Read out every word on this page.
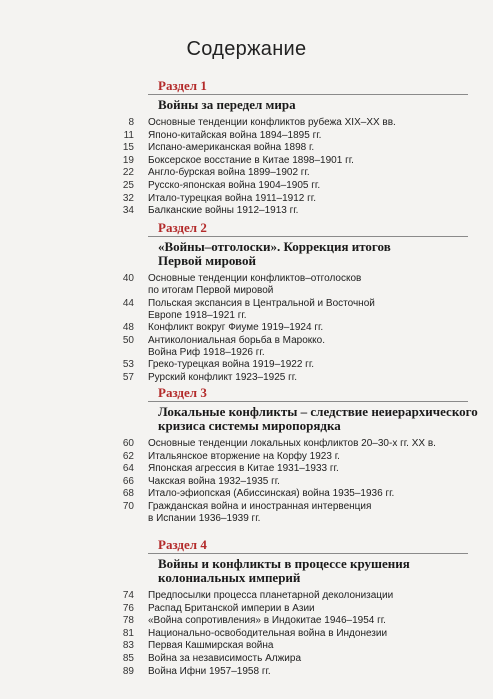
Содержание
Раздел 1
Войны за передел мира
8 Основные тенденции конфликтов рубежа XIX–XX вв.
11 Японо-китайская война 1894–1895 гг.
15 Испано-американская война 1898 г.
19 Боксерское восстание в Китае 1898–1901 гг.
22 Англо-бурская война 1899–1902 гг.
25 Русско-японская война 1904–1905 гг.
32 Итало-турецкая война 1911–1912 гг.
34 Балканские войны 1912–1913 гг.
Раздел 2
«Войны–отголоски». Коррекция итогов
Первой мировой
40 Основные тенденции конфликтов–отголосков
по итогам Первой мировой
44 Польская экспансия в Центральной и Восточной
Европе 1918–1921 гг.
48 Конфликт вокруг Фиуме 1919–1924 гг.
50 Антиколониальная борьба в Марокко.
Война Риф 1918–1926 гг.
53 Греко-турецкая война 1919–1922 гг.
57 Рурский конфликт 1923–1925 гг.
Раздел 3
Локальные конфликты – следствие неиерархического
кризиса системы миропорядка
60 Основные тенденции локальных конфликтов 20–30-х гг. XX в.
62 Итальянское вторжение на Корфу 1923 г.
64 Японская агрессия в Китае 1931–1933 гг.
66 Чакская война 1932–1935 гг.
68 Итало-эфиопская (Абиссинская) война 1935–1936 гг.
70 Гражданская война и иностранная интервенция
в Испании 1936–1939 гг.
Раздел 4
Войны и конфликты в процессе крушения
колониальных империй
74 Предпосылки процесса планетарной деколонизации
76 Распад Британской империи в Азии
78 «Война сопротивления» в Индокитае 1946–1954 гг.
81 Национально-освободительная война в Индонезии
83 Первая Кашмирская война
85 Война за независимость Алжира
89 Война Ифни 1957–1958 гг.
